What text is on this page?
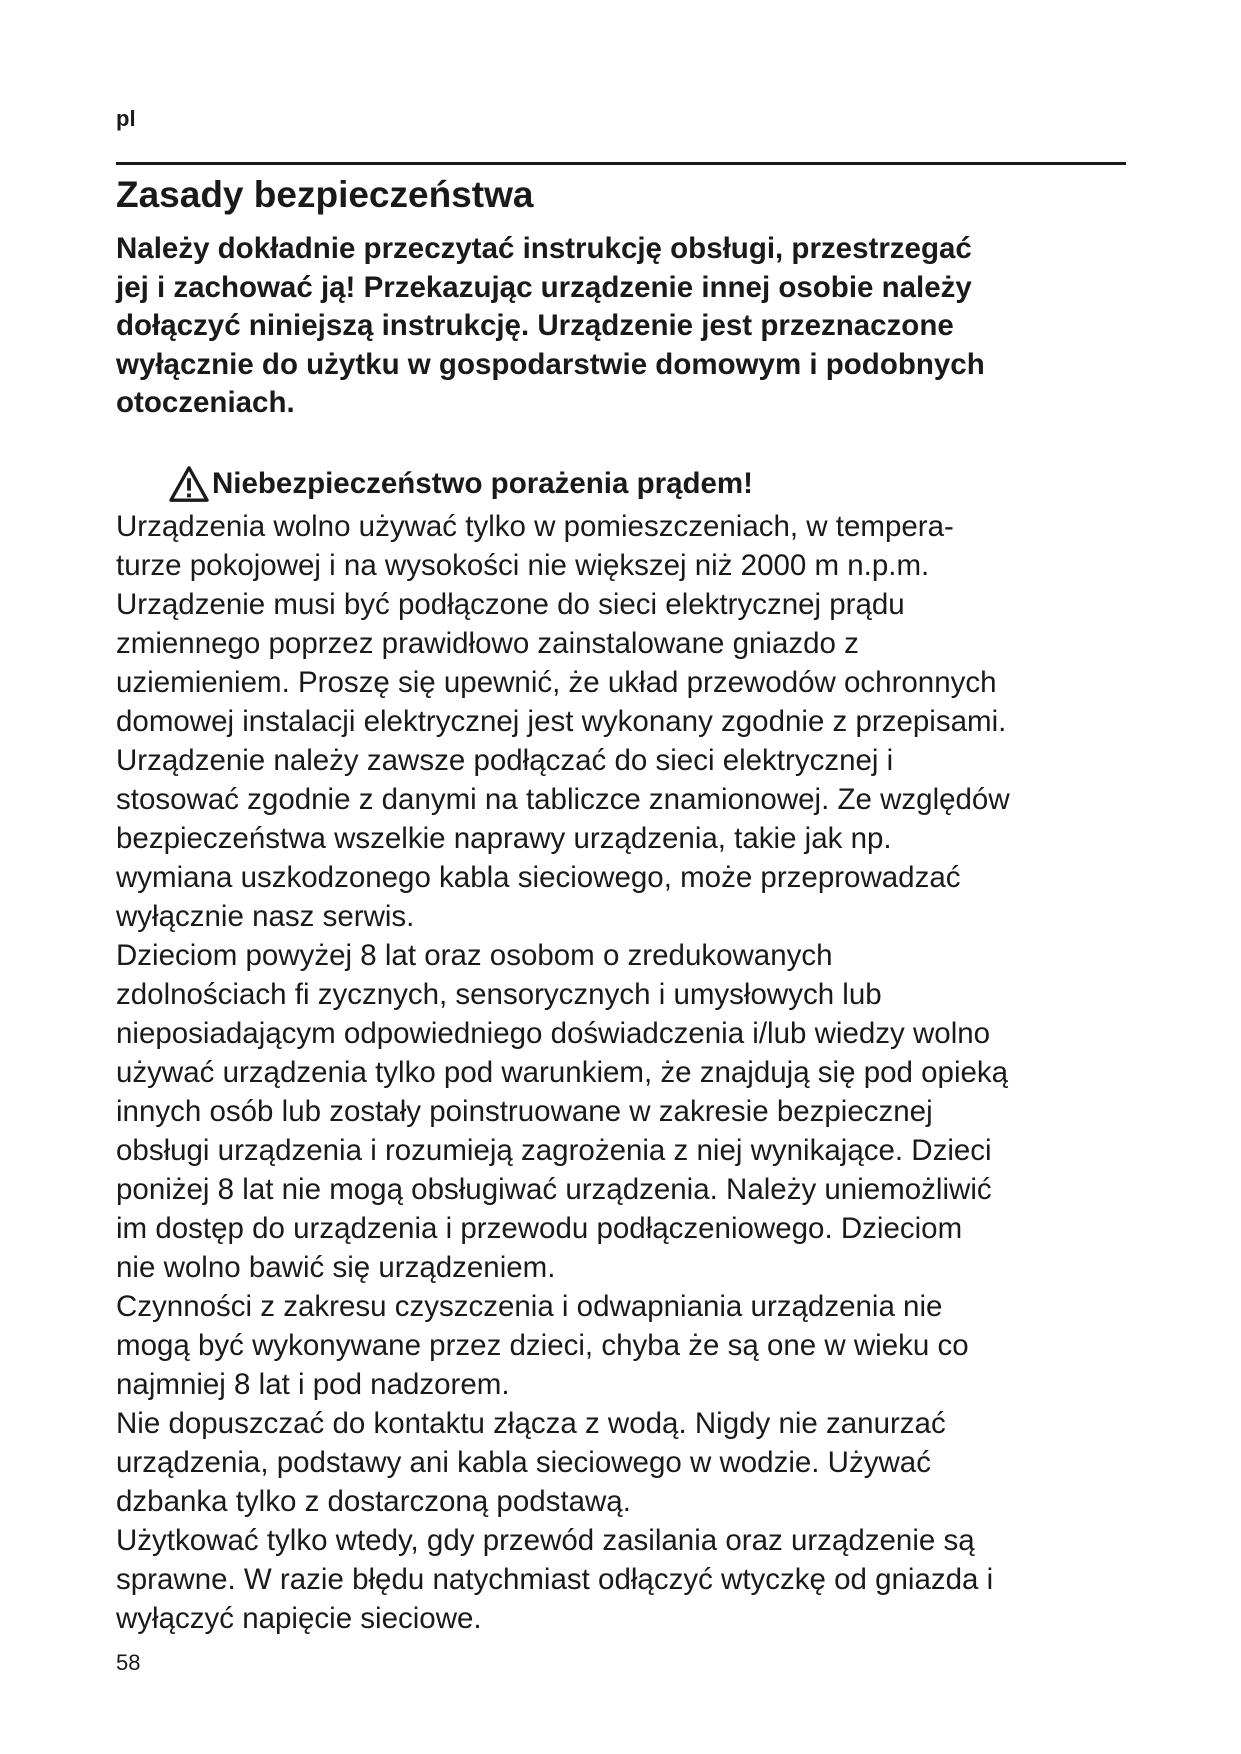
pl
Zasady bezpieczeństwa

Należy dokładnie przeczytać instrukcję obsługi, przestrzegać
jej i zachować ją! Przekazując urządzenie innej osobie należy
dołączyć niniejszą instrukcję. Urządzenie jest przeznaczone
wyłącznie do użytku w gospodarstwie domowym i podobnych
otoczeniach.

Niebezpieczeństwo porażenia prądem!

Urządzenia wolno używać tylko w pomieszczeniach, w tempera-
turze pokojowej i na wysokości nie większej niż 2000 m n.p.m.
Urządzenie musi być podłączone do sieci elektrycznej prądu
zmiennego poprzez prawidłowo zainstalowane gniazdo z
uziemieniem. Proszę się upewnić, że układ przewodów ochronnych
domowej instalacji elektrycznej jest wykonany zgodnie z przepisami.
Urządzenie należy zawsze podłączać do sieci elektrycznej i
stosować zgodnie z danymi na tabliczce znamionowej. Ze względów
bezpieczeństwa wszelkie naprawy urządzenia, takie jak np.
wymiana uszkodzonego kabla sieciowego, może przeprowadzać
wyłącznie nasz serwis.

Dzieciom powyżej 8 lat oraz osobom o zredukowanych
zdolnościach fi zycznych, sensorycznych i umysłowych lub
nieposiadającym odpowiedniego doświadczenia i/lub wiedzy wolno
używać urządzenia tylko pod warunkiem, że znajdują się pod opieką
innych osób lub zostały poinstruowane w zakresie bezpiecznej
obsługi urządzenia i rozumieją zagrożenia z niej wynikające. Dzieci
poniżej 8 lat nie mogą obsługiwać urządzenia. Należy uniemożliwić
im dostęp do urządzenia i przewodu podłączeniowego. Dzieciom
nie wolno bawić się urządzeniem.

Czynności z zakresu czyszczenia i odwapniania urządzenia nie
mogą być wykonywane przez dzieci, chyba że są one w wieku co
najmniej 8 lat i pod nadzorem.

Nie dopuszczać do kontaktu złącza z wodą. Nigdy nie zanurzać
urządzenia, podstawy ani kabla sieciowego w wodzie. Używać
dzbanka tylko z dostarczoną podstawą.

Użytkować tylko wtedy, gdy przewód zasilania oraz urządzenie są
sprawne. W razie błędu natychmiast odłączyć wtyczkę od gniazda i
wyłączyć napięcie sieciowe.

58
